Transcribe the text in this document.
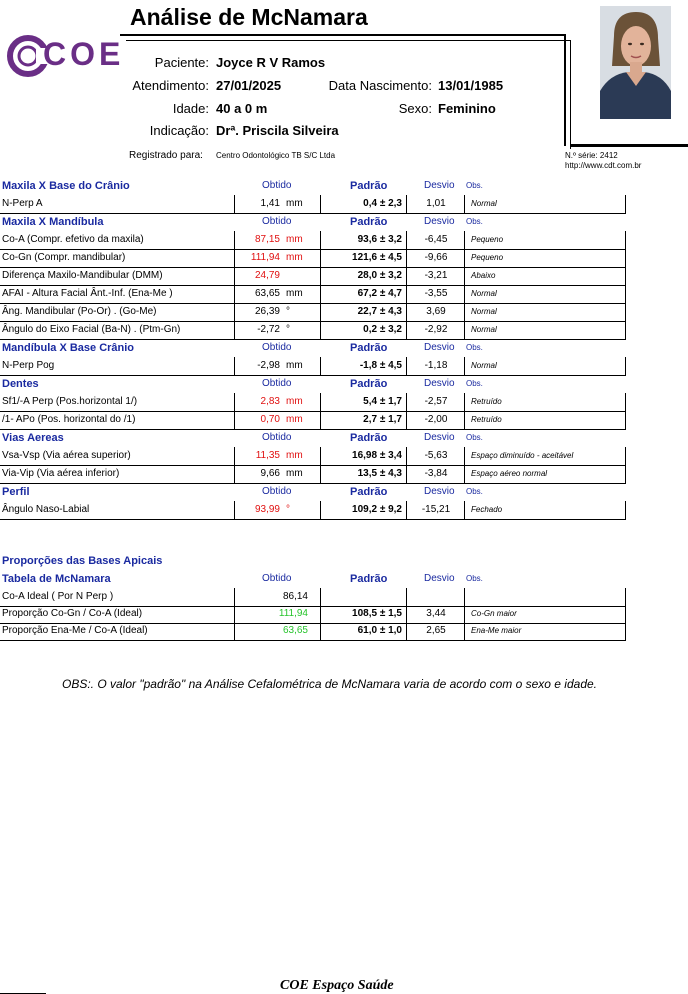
Análise de McNamara
COE	Paciente: Joyce R V Ramos
Atendimento: 27/01/2025	Data Nascimento: 13/01/1985
Idade: 40 a 0 m	Sexo: Feminino
Indicação: Drª. Priscila Silveira
Registrado para: Centro Odontológico TB S/C Ltda	N.º série: 2412
http://www.cdt.com.br
Maxila X Base do Crânio	Obtido	Padrão	Desvio Obs.
N-Perp A	1,41 mm	0,4 ± 2,3	1,01	Normal
Maxila X Mandíbula	Obtido	Padrão	Desvio Obs.
Co-A (Compr. efetivo da maxila)	87,15 mm	93,6 ± 3,2	-6,45	Pequeno
Co-Gn (Compr. mandibular)	111,94 mm	121,6 ± 4,5	-9,66	Pequeno
Diferença Maxilo-Mandibular (DMM)	24,79	28,0 ± 3,2	-3,21	Abaixo
AFAI - Altura Facial Ânt.-Inf. (Ena-Me )	63,65 mm	67,2 ± 4,7	-3,55	Normal
Âng. Mandibular (Po-Or) . (Go-Me)	26,39 °	22,7 ± 4,3	3,69	Normal
Ângulo do Eixo Facial (Ba-N) . (Ptm-Gn)	-2,72 °	0,2 ± 3,2	-2,92	Normal
Mandíbula X Base Crânio	Obtido	Padrão	Desvio Obs.
N-Perp Pog	-2,98 mm	-1,8 ± 4,5	-1,18	Normal
Dentes	Obtido	Padrão	Desvio Obs.
Sf1/-A Perp (Pos.horizontal 1/)	2,83 mm	5,4 ± 1,7	-2,57	Retruído
/1- APo (Pos. horizontal do /1)	0,70 mm	2,7 ± 1,7	-2,00	Retruído
Vias Aereas	Obtido	Padrão	Desvio Obs.
Vsa-Vsp (Via aérea superior)	11,35 mm	16,98 ± 3,4	-5,63	Espaço diminuído - aceitável
Via-Vip (Via aérea inferior)	9,66 mm	13,5 ± 4,3	-3,84	Espaço aéreo normal
Perfil	Obtido	Padrão	Desvio Obs.
Ângulo Naso-Labial	93,99 °	109,2 ± 9,2	-15,21	Fechado
Proporções das Bases Apicais
Tabela de McNamara	Obtido	Padrão	Desvio Obs.
Co-A Ideal ( Por N Perp )	86,14
Proporção Co-Gn / Co-A (Ideal)	111,94	108,5 ± 1,5	3,44	Co-Gn maior
Proporção Ena-Me / Co-A (Ideal)	63,65	61,0 ± 1,0	2,65	Ena-Me maior
OBS:. O valor "padrão" na Análise Cefalométrica de McNamara varia de acordo com o sexo e idade.
COE Espaço Saúde
